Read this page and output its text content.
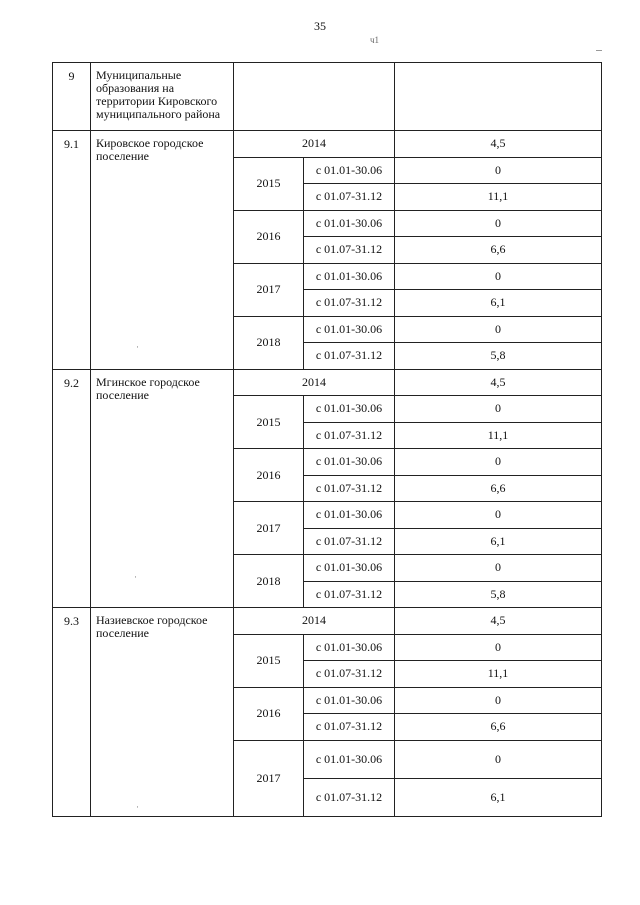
35
ч1
9	Муниципальные образования на территории Кировского муниципального района			
9.1	Кировское городское поселение	2014		4,5
		2015	с 01.01-30.06	0
			с 01.07-31.12	11,1
		2016	с 01.01-30.06	0
			с 01.07-31.12	6,6
		2017	с 01.01-30.06	0
			с 01.07-31.12	6,1
		2018	с 01.01-30.06	0
			с 01.07-31.12	5,8
9.2	Мгинское городское поселение	2014		4,5
		2015	с 01.01-30.06	0
			с 01.07-31.12	11,1
		2016	с 01.01-30.06	0
			с 01.07-31.12	6,6
		2017	с 01.01-30.06	0
			с 01.07-31.12	6,1
		2018	с 01.01-30.06	0
			с 01.07-31.12	5,8
9.3	Назиевское городское поселение	2014		4,5
		2015	с 01.01-30.06	0
			с 01.07-31.12	11,1
		2016	с 01.01-30.06	0
			с 01.07-31.12	6,6
		2017	с 01.01-30.06	0
			с 01.07-31.12	6,1
·
·
·
